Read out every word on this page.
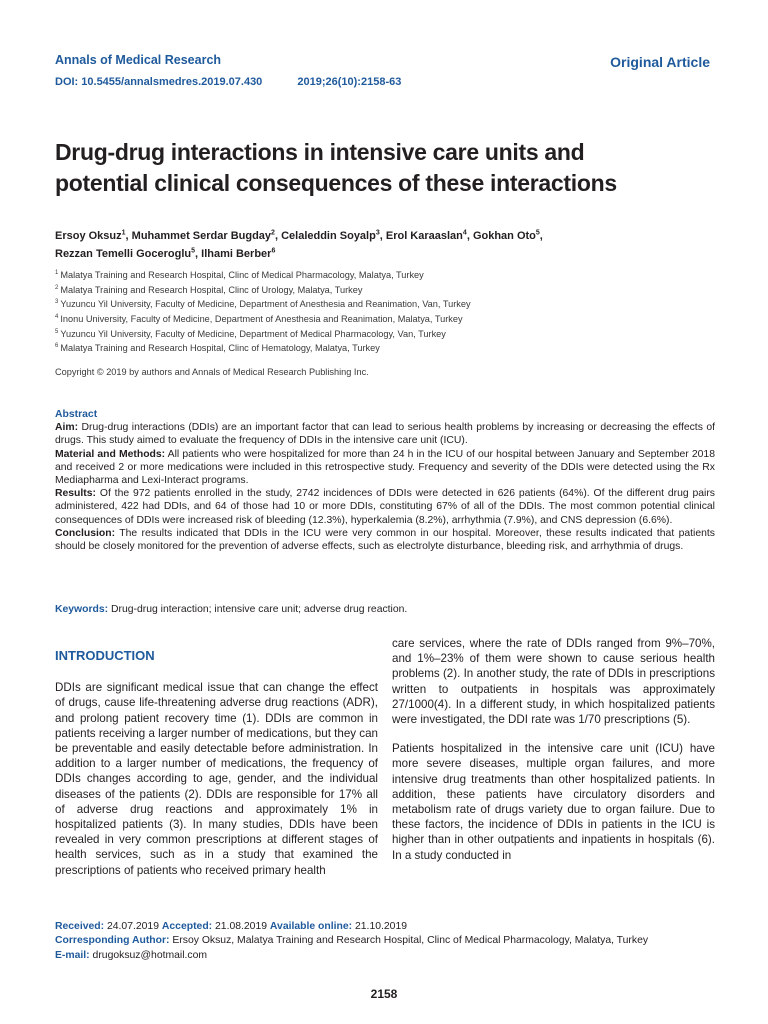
Annals of Medical Research
DOI: 10.5455/annalsmedres.2019.07.430	2019;26(10):2158-63
Original Article
Drug-drug interactions in intensive care units and
potential clinical consequences of these interactions
Ersoy Oksuz$^1$, Muhammet Serdar Bugday$^2$, Celaleddin Soyalp$^3$, Erol Karaaslan$^4$, Gokhan Oto$^5$,
Rezzan Temelli Goceroglu$^5$, Ilhami Berber$^6$
$^1$ Malatya Training and Research Hospital, Clinc of Medical Pharmacology, Malatya, Turkey
$^2$ Malatya Training and Research Hospital, Clinc of Urology, Malatya, Turkey
$^3$ Yuzuncu Yil University, Faculty of Medicine, Department of Anesthesia and Reanimation, Van, Turkey
$^4$ Inonu University, Faculty of Medicine, Department of Anesthesia and Reanimation, Malatya, Turkey
$^5$ Yuzuncu Yil University, Faculty of Medicine, Department of Medical Pharmacology, Van, Turkey
$^6$ Malatya Training and Research Hospital, Clinc of Hematology, Malatya, Turkey
Copyright © 2019 by authors and Annals of Medical Research Publishing Inc.
Abstract

Aim: Drug-drug interactions (DDIs) are an important factor that can lead to serious health problems by increasing or decreasing the effects of drugs. This study aimed to evaluate the frequency of DDIs in the intensive care unit (ICU).

Material and Methods: All patients who were hospitalized for more than 24 h in the ICU of our hospital between January and September 2018 and received 2 or more medications were included in this retrospective study. Frequency and severity of the DDIs were detected using the Rx Mediapharma and Lexi-Interact programs.

Results: Of the 972 patients enrolled in the study, 2742 incidences of DDIs were detected in 626 patients (64%). Of the different drug pairs administered, 422 had DDIs, and 64 of those had 10 or more DDIs, constituting 67% of all of the DDIs. The most common potential clinical consequences of DDIs were increased risk of bleeding (12.3%), hyperkalemia (8.2%), arrhythmia (7.9%), and CNS depression (6.6%).

Conclusion: The results indicated that DDIs in the ICU were very common in our hospital. Moreover, these results indicated that patients should be closely monitored for the prevention of adverse effects, such as electrolyte disturbance, bleeding risk, and arrhythmia of drugs.

Keywords: Drug-drug interaction; intensive care unit; adverse drug reaction.
INTRODUCTION

DDIs are significant medical issue that can change the effect of drugs, cause life-threatening adverse drug reactions (ADR), and prolong patient recovery time (1). DDIs are common in patients receiving a larger number of medications, but they can be preventable and easily detectable before administration. In addition to a larger number of medications, the frequency of DDIs changes according to age, gender, and the individual diseases of the patients (2). DDIs are responsible for 17% all of adverse drug reactions and approximately 1% in hospitalized patients (3). In many studies, DDIs have been revealed in very common prescriptions at different stages of health services, such as in a study that examined the prescriptions of patients who received primary health

care services, where the rate of DDIs ranged from 9%–70%, and 1%–23% of them were shown to cause serious health problems (2). In another study, the rate of DDIs in prescriptions written to outpatients in hospitals was approximately 27/1000(4). In a different study, in which hospitalized patients were investigated, the DDI rate was 1/70 prescriptions (5).

Patients hospitalized in the intensive care unit (ICU) have more severe diseases, multiple organ failures, and more intensive drug treatments than other hospitalized patients. In addition, these patients have circulatory disorders and metabolism rate of drugs variety due to organ failure. Due to these factors, the incidence of DDIs in patients in the ICU is higher than in other outpatients and inpatients in hospitals (6). In a study conducted in

Received: 24.07.2019 Accepted: 21.08.2019 Available online: 21.10.2019
Corresponding Author: Ersoy Oksuz, Malatya Training and Research Hospital, Clinc of Medical Pharmacology, Malatya, Turkey
E-mail: drugoksuz@hotmail.com
2158
